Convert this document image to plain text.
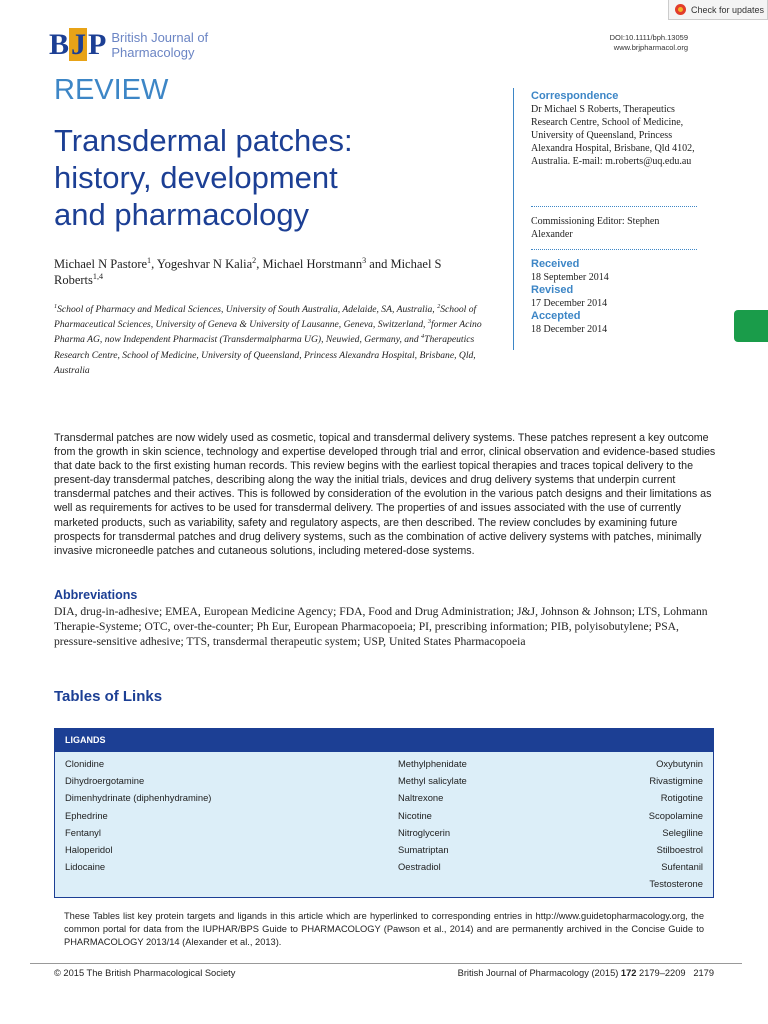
Check for updates
B J P British Journal of
Pharmacology
DOI:10.1111/bph.13059
www.brjpharmacol.org
REVIEW
Transdermal patches:
history, development
and pharmacology
Michael N Pastore$^1$, Yogeshvar N Kalia$^2$, Michael Horstmann$^3$ and Michael S Roberts$^{1,4}$
$^1$School of Pharmacy and Medical Sciences, University of South Australia, Adelaide, SA, Australia, $^2$School of Pharmaceutical Sciences, University of Geneva & University of Lausanne, Geneva, Switzerland, $^3$former Acino Pharma AG, now Independent Pharmacist (Transdermalpharma UG), Neuwied, Germany, and $^4$Therapeutics Research Centre, School of Medicine, University of Queensland, Princess Alexandra Hospital, Brisbane, Qld, Australia
Correspondence
Dr Michael S Roberts, Therapeutics Research Centre, School of Medicine, University of Queensland, Princess Alexandra Hospital, Brisbane, Qld 4102, Australia. E-mail: m.roberts@uq.edu.au
Commissioning Editor: Stephen Alexander
Received
18 September 2014
Revised
17 December 2014
Accepted
18 December 2014
Transdermal patches are now widely used as cosmetic, topical and transdermal delivery systems. These patches represent a key outcome from the growth in skin science, technology and expertise developed through trial and error, clinical observation and evidence-based studies that date back to the first existing human records. This review begins with the earliest topical therapies and traces topical delivery to the present-day transdermal patches, describing along the way the initial trials, devices and drug delivery systems that underpin current transdermal patches and their actives. This is followed by consideration of the evolution in the various patch designs and their limitations as well as requirements for actives to be used for transdermal delivery. The properties of and issues associated with the use of currently marketed products, such as variability, safety and regulatory aspects, are then described. The review concludes by examining future prospects for transdermal patches and drug delivery systems, such as the combination of active delivery systems with patches, minimally invasive microneedle patches and cutaneous solutions, including metered-dose systems.
Abbreviations
DIA, drug-in-adhesive; EMEA, European Medicine Agency; FDA, Food and Drug Administration; J&J, Johnson & Johnson; LTS, Lohmann Therapie-Systeme; OTC, over-the-counter; Ph Eur, European Pharmacopoeia; PI, prescribing information; PIB, polyisobutylene; PSA, pressure-sensitive adhesive; TTS, transdermal therapeutic system; USP, United States Pharmacopoeia
Tables of Links
LIGANDS
Clonidine
Dihydroergotamine
Dimenhydrinate (diphenhydramine)
Ephedrine
Fentanyl
Haloperidol
Lidocaine
Methylphenidate
Methyl salicylate
Naltrexone
Nicotine
Nitroglycerin
Sumatriptan
Oestradiol
Oxybutynin
Rivastigmine
Rotigotine
Scopolamine
Selegiline
Stilboestrol
Sufentanil
Testosterone
These Tables list key protein targets and ligands in this article which are hyperlinked to corresponding entries in http://www.guidetopharmacology.org, the common portal for data from the IUPHAR/BPS Guide to PHARMACOLOGY (Pawson et al., 2014) and are permanently archived in the Concise Guide to PHARMACOLOGY 2013/14 (Alexander et al., 2013).
© 2015 The British Pharmacological Society	British Journal of Pharmacology (2015) 172 2179–2209 2179
